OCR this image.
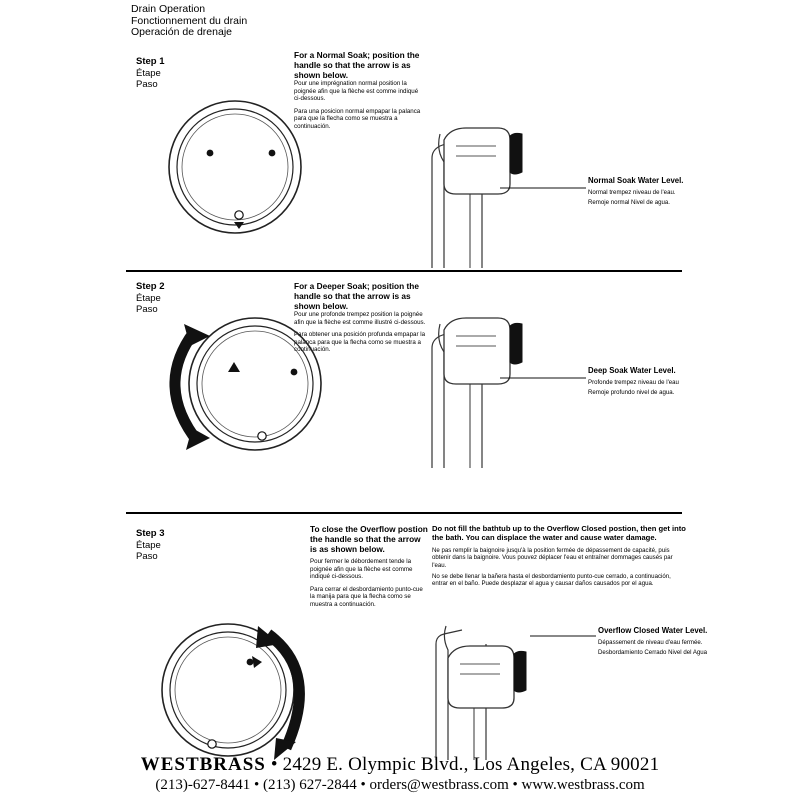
Drain Operation
Fonctionnement du drain
Operación de drenaje
Step 1
Étape
Paso
For a Normal Soak; position the handle so that the arrow is as shown below.
Pour une imprégnation normal position la poignée afin que la flèche est comme indiqué ci-dessous.
Para una posicion normal empapar la palanca para que la flecha como se muestra a continuación.
Normal Soak Water Level.
Normal trempez niveau de l'eau.
Remoje normal Nivel de agua.
Step 2
Étape
Paso
For a Deeper Soak; position the handle so that the arrow is as shown below.
Pour une profonde trempez position la poignée afin que la flèche est comme illustré ci-dessous.
Para obtener una posición profunda empapar la palanca para que la flecha como se muestra a continuación.
Deep Soak Water Level.
Profonde trempez niveau de l'eau
Remoje profundo nivel de agua.
Step 3
Étape
Paso
To close the Overflow postion the handle so that the arrow is as shown below.
Pour fermer le débordement tende la poignée afin que la flèche est comme indiqué ci-dessous.
Para cerrar el desbordamiento punto-cue la manija para que la flecha como se muestra a continuación.
Do not fill the bathtub up to the Overflow Closed postion, then get into the bath. You can displace the water and cause water damage.
Ne pas remplir la baignoire jusqu'à la position fermée de dépassement de capacité, puis obtenir dans la baignoire. Vous pouvez déplacer l'eau et entraîner dommages causés par l'eau.
No se debe llenar la bañera hasta el desbordamiento punto-cue cerrado, a continuación, entrar en el baño. Puede desplazar el agua y causar daños causados por el agua.
Overflow Closed Water Level.
Dépassement de niveau d'eau fermée.
Desbordamiento Cerrado Nivel del Agua
WESTBRASS • 2429 E. Olympic Blvd., Los Angeles, CA 90021
(213)-627-8441 • (213) 627-2844 • orders@westbrass.com • www.westbrass.com
